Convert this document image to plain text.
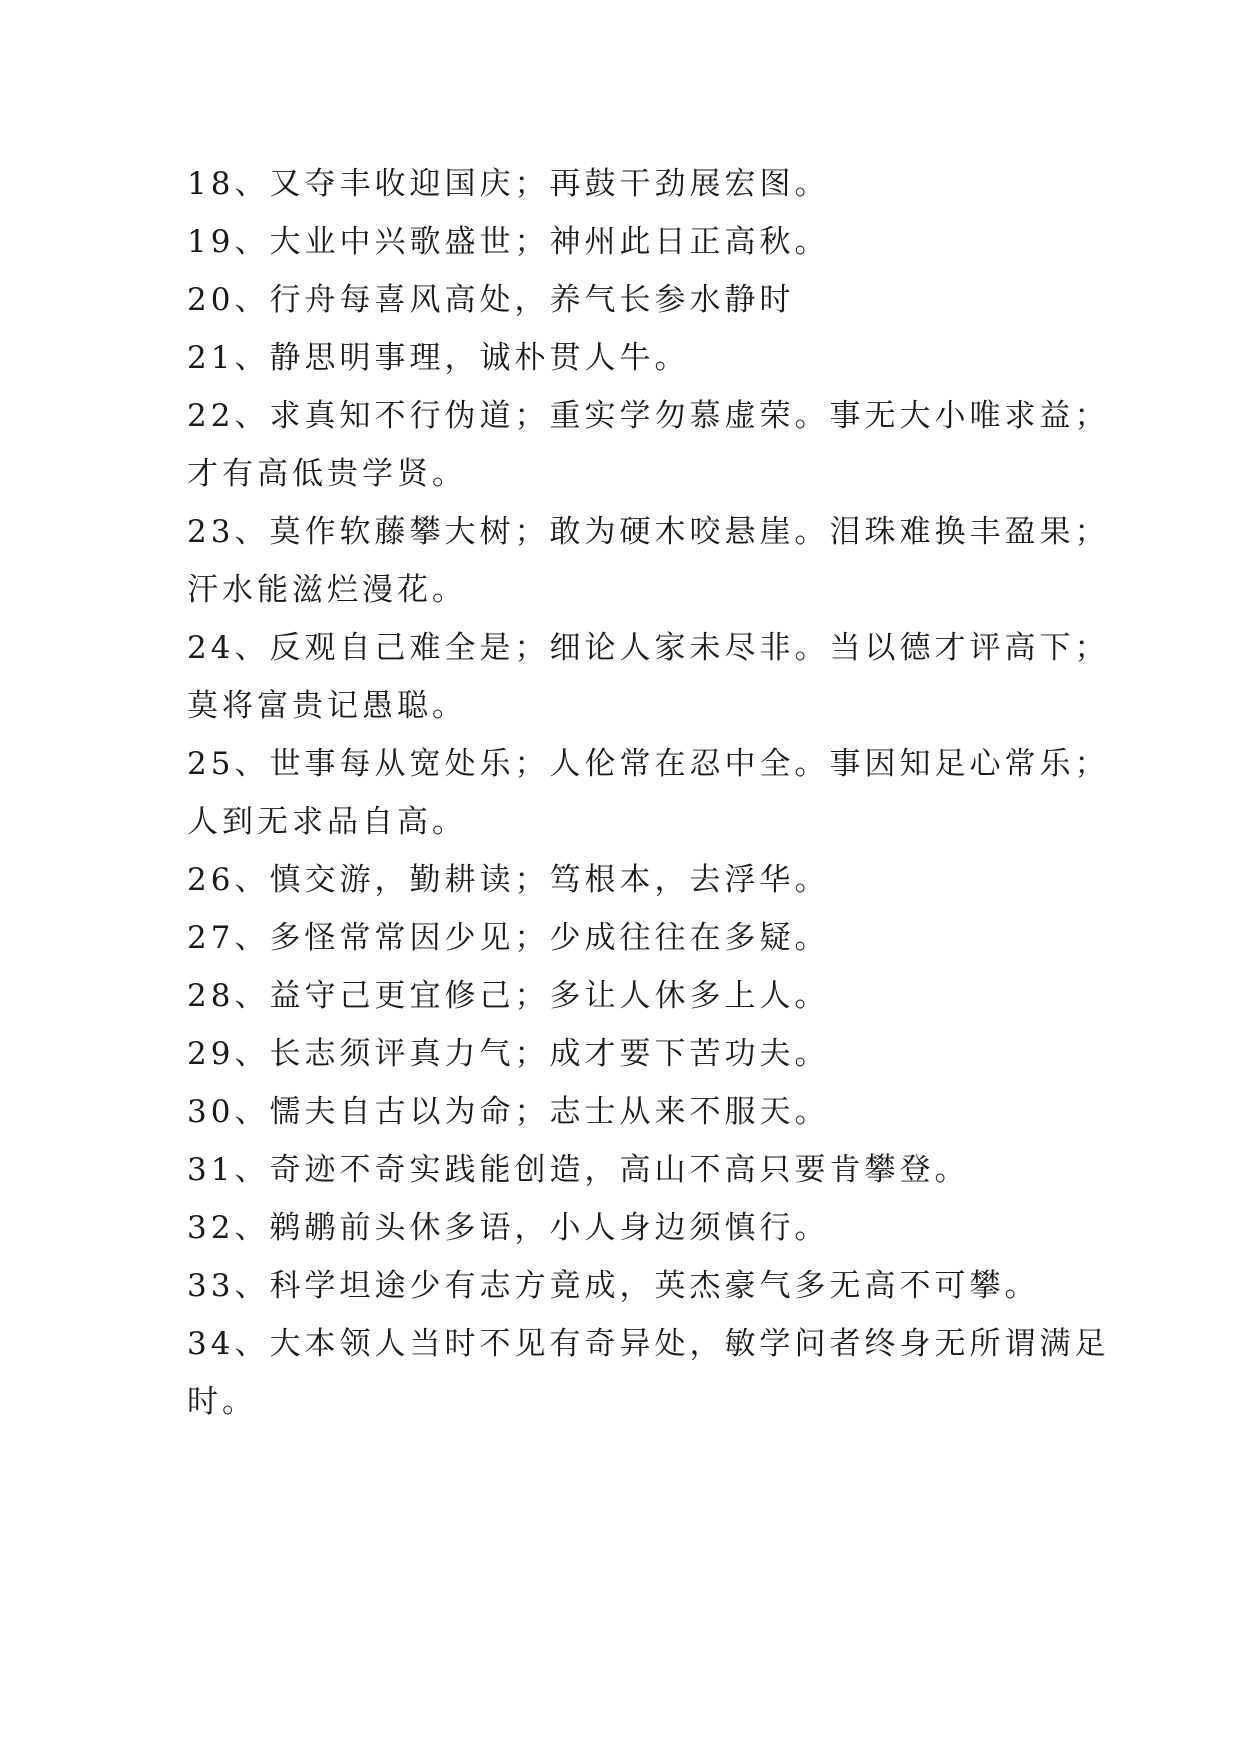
18、又夺丰收迎国庆；再鼓干劲展宏图。
19、大业中兴歌盛世；神州此日正高秋。
20、行舟每喜风高处，养气长参水静时
21、静思明事理，诚朴贯人牛。
22、求真知不行伪道；重实学勿慕虚荣。事无大小唯求益；
才有高低贵学贤。
23、莫作软藤攀大树；敢为硬木咬悬崖。泪珠难换丰盈果；
汗水能滋烂漫花。
24、反观自己难全是；细论人家未尽非。当以德才评高下；
莫将富贵记愚聪。
25、世事每从宽处乐；人伦常在忍中全。事因知足心常乐；
人到无求品自高。
26、慎交游，勤耕读；笃根本，去浮华。
27、多怪常常因少见；少成往往在多疑。
28、益守己更宜修己；多让人休多上人。
29、长志须评真力气；成才要下苦功夫。
30、懦夫自古以为命；志士从来不服天。
31、奇迹不奇实践能创造，高山不高只要肯攀登。
32、鹈鹕前头休多语，小人身边须慎行。
33、科学坦途少有志方竟成，英杰豪气多无高不可攀。
34、大本领人当时不见有奇异处，敏学问者终身无所谓满足
时。
